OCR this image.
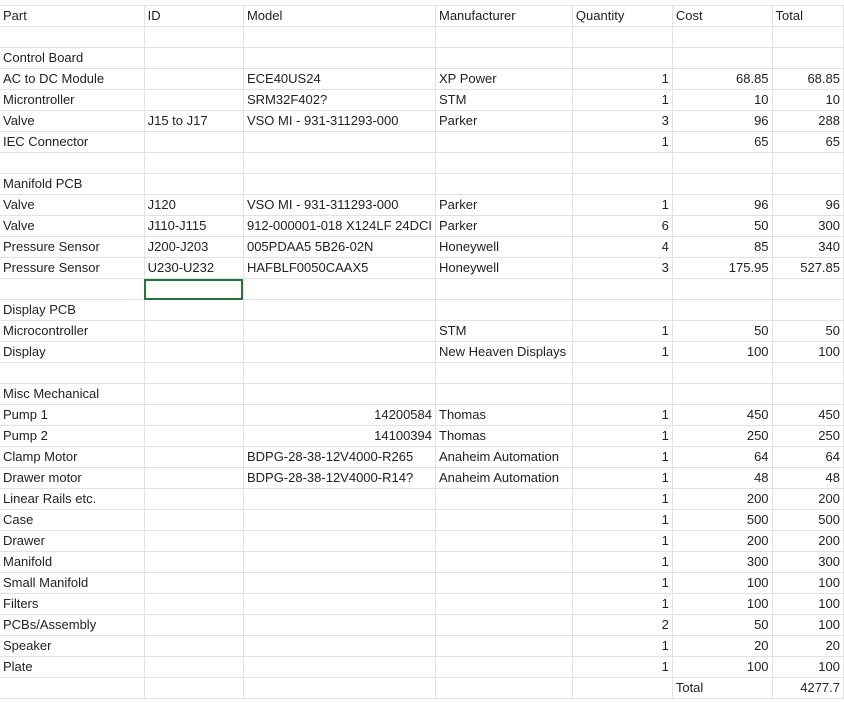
Part	ID	Model	Manufacturer	Quantity	Cost	Total

Control Board						
AC to DC Module		ECE40US24	XP Power	1	68.85	68.85
Microntroller		SRM32F402?	STM	1	10	10
Valve	J15 to J17	VSO MI - 931-311293-000	Parker	3	96	288
IEC Connector				1	65	65

Manifold PCB						
Valve	J120	VSO MI - 931-311293-000	Parker	1	96	96
Valve	J110-J115	912-000001-018 X124LF 24DCI	Parker	6	50	300
Pressure Sensor	J200-J203	005PDAA5 5B26-02N	Honeywell	4	85	340
Pressure Sensor	U230-U232	HAFBLF0050CAAX5	Honeywell	3	175.95	527.85

Display PCB						
Microcontroller			STM	1	50	50
Display			New Heaven Displays	1	100	100

Misc Mechanical						
Pump 1		14200584	Thomas	1	450	450
Pump 2		14100394	Thomas	1	250	250
Clamp Motor		BDPG-28-38-12V4000-R265	Anaheim Automation	1	64	64
Drawer motor		BDPG-28-38-12V4000-R14?	Anaheim Automation	1	48	48
Linear Rails etc.				1	200	200
Case				1	500	500
Drawer				1	200	200
Manifold				1	300	300
Small Manifold				1	100	100
Filters				1	100	100
PCBs/Assembly				2	50	100
Speaker				1	20	20
Plate				1	100	100
					Total	4277.7
